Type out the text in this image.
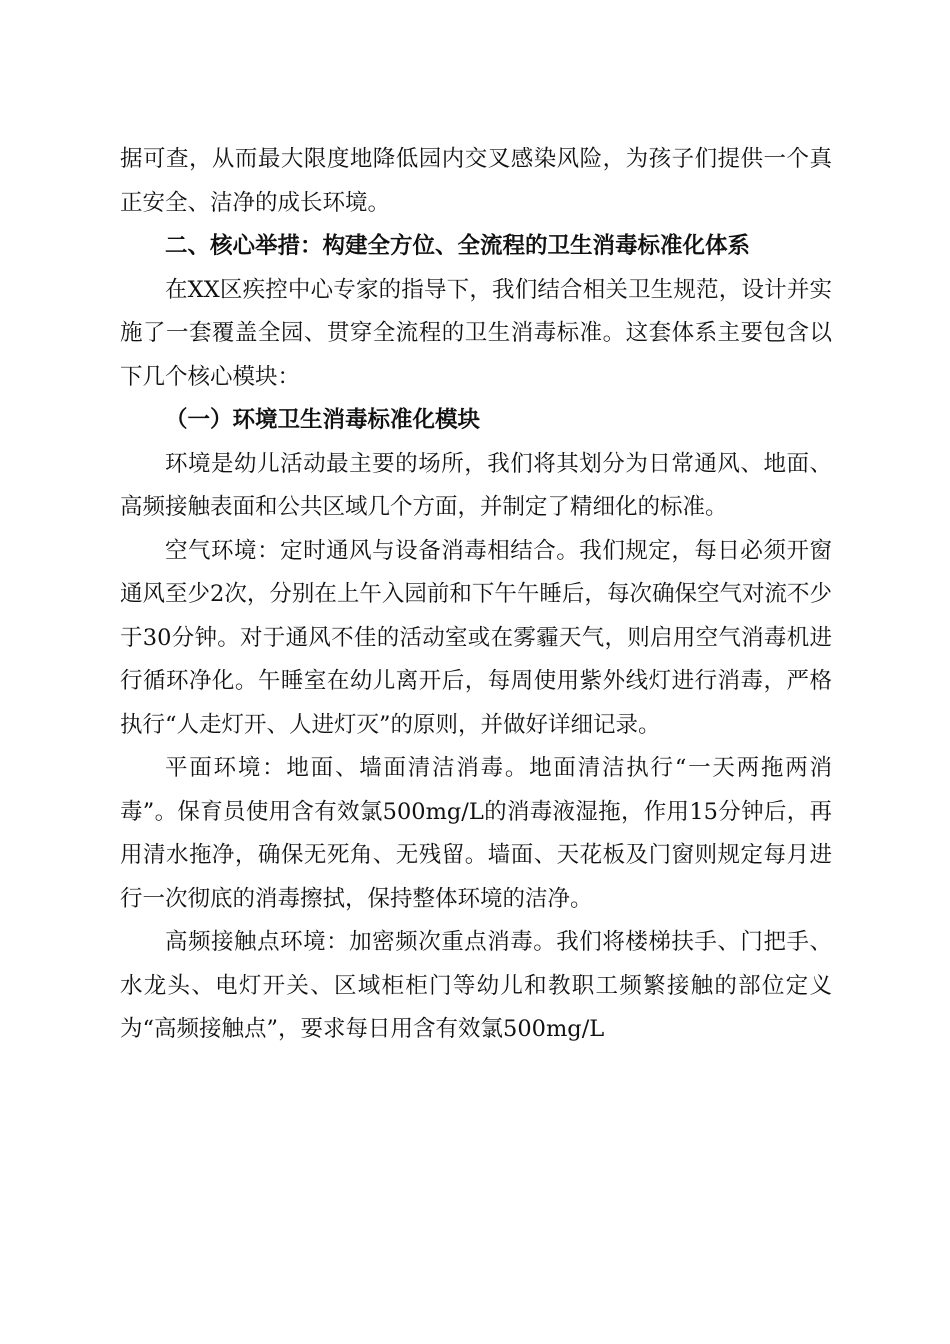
据可查，从而最大限度地降低园内交叉感染风险，为孩子们提供一个真正安全、洁净的成长环境。

二、核心举措：构建全方位、全流程的卫生消毒标准化体系

在XX区疾控中心专家的指导下，我们结合相关卫生规范，设计并实施了一套覆盖全园、贯穿全流程的卫生消毒标准。这套体系主要包含以下几个核心模块：

（一）环境卫生消毒标准化模块

环境是幼儿活动最主要的场所，我们将其划分为日常通风、地面、高频接触表面和公共区域几个方面，并制定了精细化的标准。

空气环境：定时通风与设备消毒相结合。我们规定，每日必须开窗通风至少2次，分别在上午入园前和下午午睡后，每次确保空气对流不少于30分钟。对于通风不佳的活动室或在雾霾天气，则启用空气消毒机进行循环净化。午睡室在幼儿离开后，每周使用紫外线灯进行消毒，严格执行“人走灯开、人进灯灭”的原则，并做好详细记录。

平面环境：地面、墙面清洁消毒。地面清洁执行“一天两拖两消毒”。保育员使用含有效氯500mg/L的消毒液湿拖，作用15分钟后，再用清水拖净，确保无死角、无残留。墙面、天花板及门窗则规定每月进行一次彻底的消毒擦拭，保持整体环境的洁净。

高频接触点环境：加密频次重点消毒。我们将楼梯扶手、门把手、水龙头、电灯开关、区域柜柜门等幼儿和教职工频繁接触的部位定义为“高频接触点”，要求每日用含有效氯500mg/L
